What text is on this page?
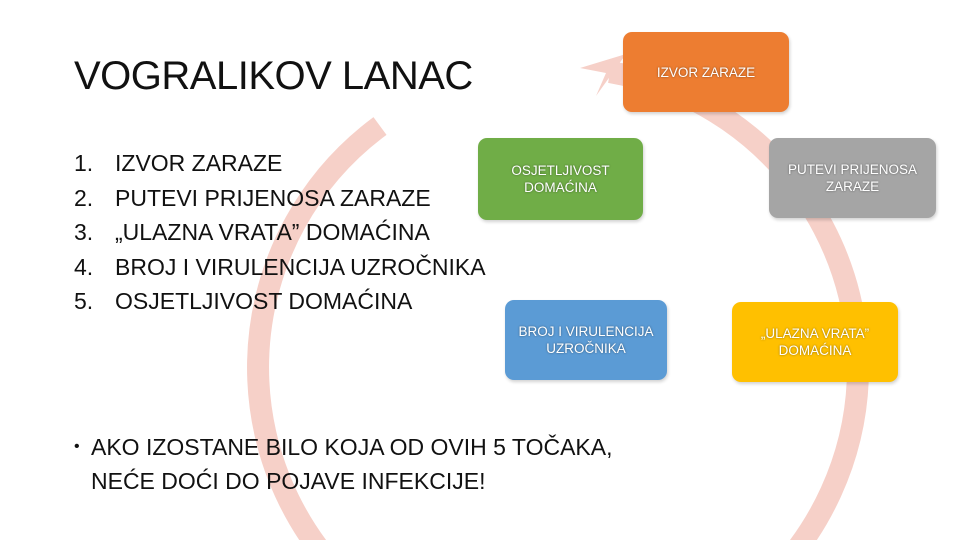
VOGRALIKOV LANAC
1. IZVOR ZARAZE
2. PUTEVI PRIJENOSA ZARAZE
3. „ULAZNA VRATA” DOMAĆINA
4. BROJ I VIRULENCIJA UZROČNIKA
5. OSJETLJIVOST DOMAĆINA
IZVOR ZARAZE
PUTEVI PRIJENOSA ZARAZE
„ULAZNA VRATA” DOMAĆINA
BROJ I VIRULENCIJA UZROČNIKA
OSJETLJIVOST DOMAĆINA
• AKO IZOSTANE BILO KOJA OD OVIH 5 TOČAKA,
NEĆE DOĆI DO POJAVE INFEKCIJE!
